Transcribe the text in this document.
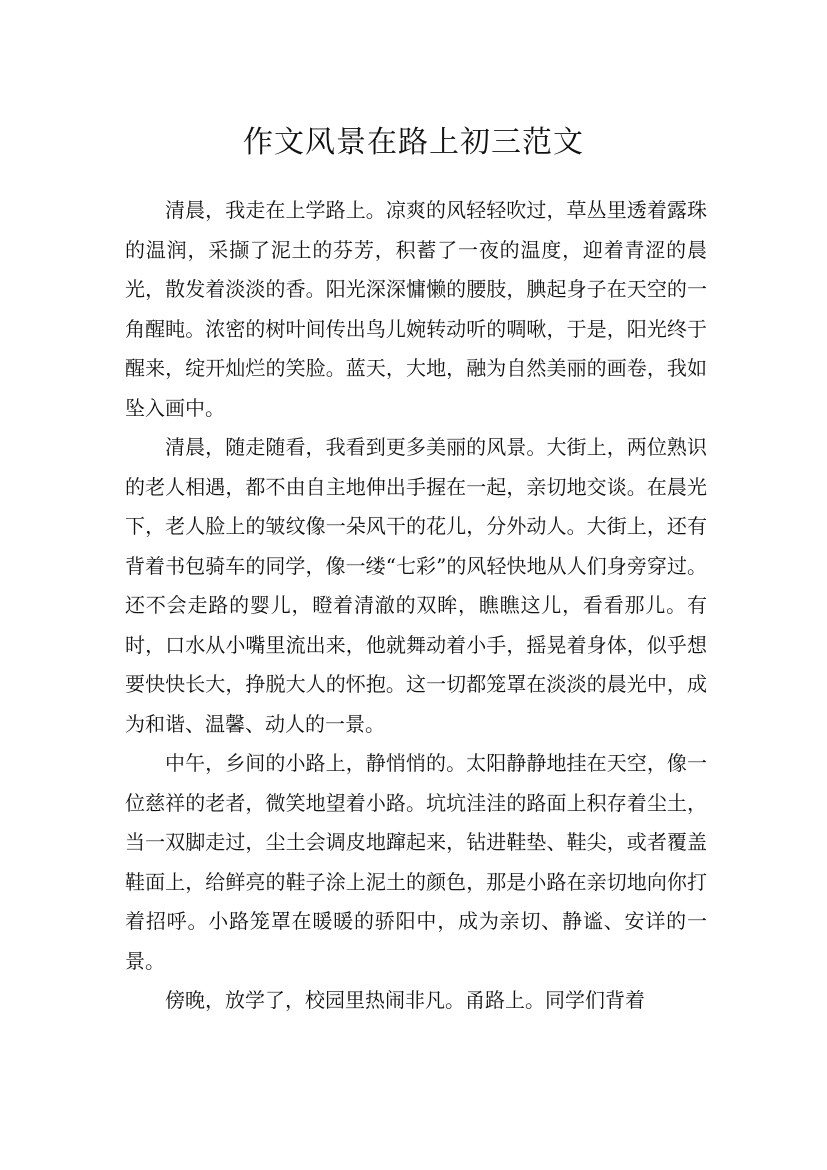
作文风景在路上初三范文

清晨，我走在上学路上。凉爽的风轻轻吹过，草丛里透着露珠的温润，采撷了泥土的芬芳，积蓄了一夜的温度，迎着青涩的晨光，散发着淡淡的香。阳光深深慵懒的腰肢，腆起身子在天空的一角醒盹。浓密的树叶间传出鸟儿婉转动听的啁啾，于是，阳光终于醒来，绽开灿烂的笑脸。蓝天，大地，融为自然美丽的画卷，我如坠入画中。

清晨，随走随看，我看到更多美丽的风景。大街上，两位熟识的老人相遇，都不由自主地伸出手握在一起，亲切地交谈。在晨光下，老人脸上的皱纹像一朵风干的花儿，分外动人。大街上，还有背着书包骑车的同学，像一缕“七彩”的风轻快地从人们身旁穿过。还不会走路的婴儿，瞪着清澈的双眸，瞧瞧这儿，看看那儿。有时，口水从小嘴里流出来，他就舞动着小手，摇晃着身体，似乎想要快快长大，挣脱大人的怀抱。这一切都笼罩在淡淡的晨光中，成为和谐、温馨、动人的一景。

中午，乡间的小路上，静悄悄的。太阳静静地挂在天空，像一位慈祥的老者，微笑地望着小路。坑坑洼洼的路面上积存着尘土，当一双脚走过，尘土会调皮地蹿起来，钻进鞋垫、鞋尖，或者覆盖鞋面上，给鲜亮的鞋子涂上泥土的颜色，那是小路在亲切地向你打着招呼。小路笼罩在暖暖的骄阳中，成为亲切、静谧、安详的一景。

傍晚，放学了，校园里热闹非凡。甬路上。同学们背着
